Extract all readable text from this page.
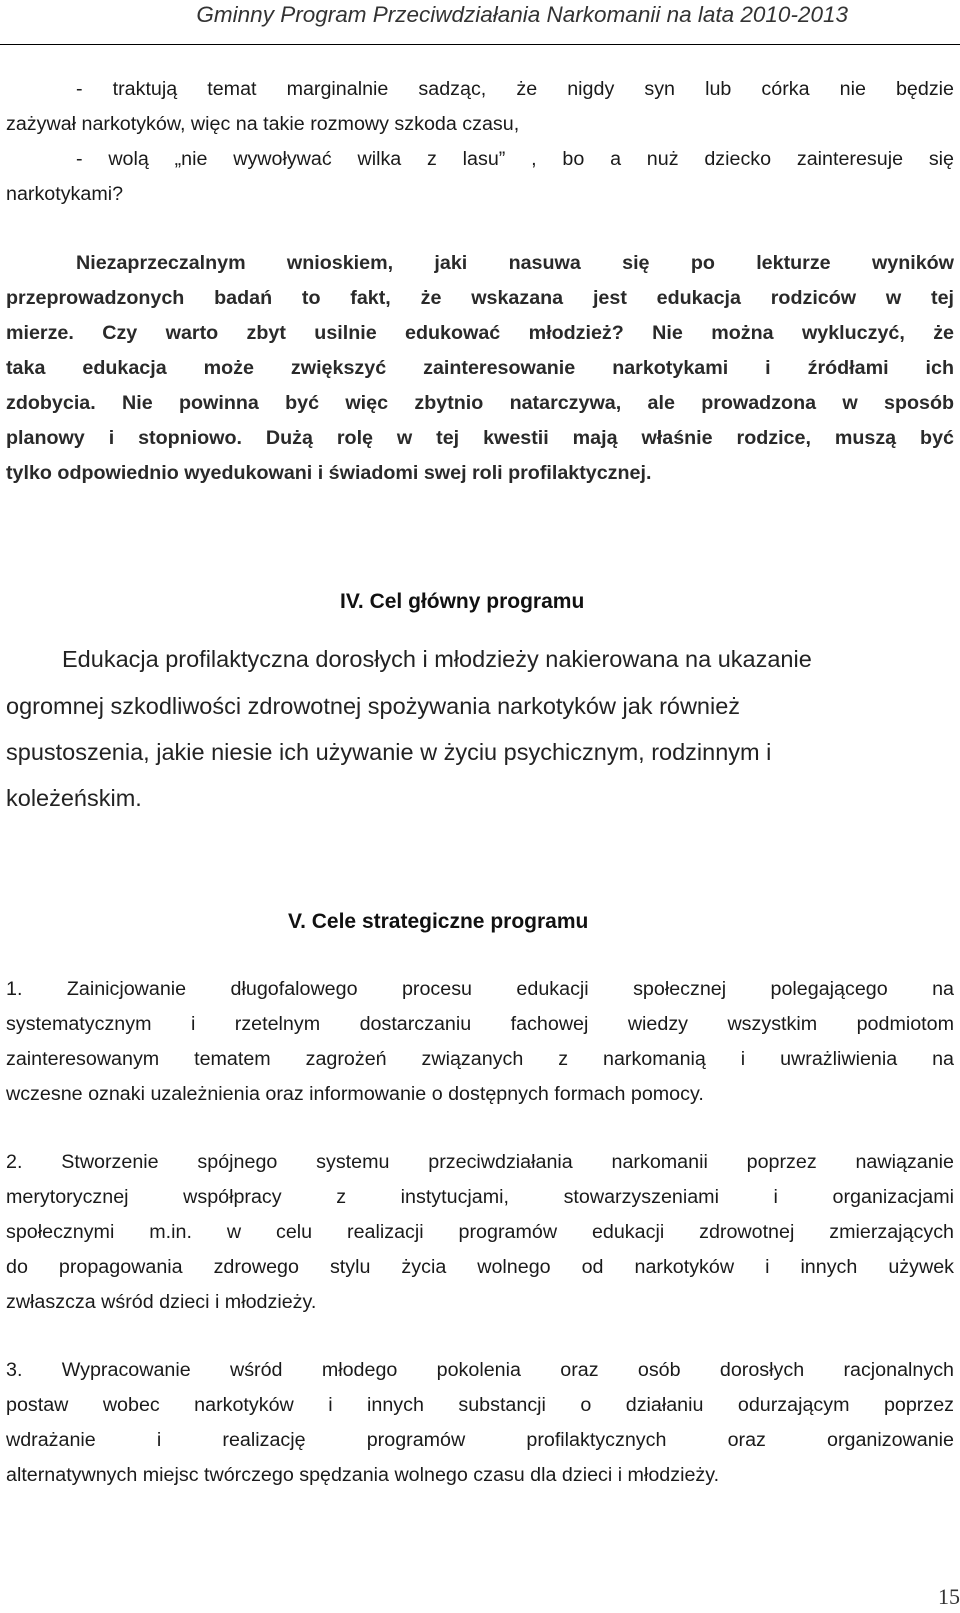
Gminny Program Przeciwdziałania Narkomanii na lata 2010-2013
- traktują temat marginalnie sadząc, że nigdy syn lub córka nie będzie
zażywał narkotyków, więc na takie rozmowy szkoda czasu,
- wolą „nie wywoływać wilka z lasu” , bo a nuż dziecko zainteresuje się
narkotykami?
Niezaprzeczalnym wnioskiem, jaki nasuwa się po lekturze wyników
przeprowadzonych badań to fakt, że wskazana jest edukacja rodziców w tej
mierze. Czy warto zbyt usilnie edukować młodzież? Nie można wykluczyć, że
taka edukacja może zwiększyć zainteresowanie narkotykami i źródłami ich
zdobycia. Nie powinna być więc zbytnio natarczywa, ale prowadzona w sposób
planowy i stopniowo. Dużą rolę w tej kwestii mają właśnie rodzice, muszą być
tylko odpowiednio wyedukowani i świadomi swej roli profilaktycznej.
IV. Cel główny programu
Edukacja profilaktyczna dorosłych i młodzieży nakierowana na ukazanie
ogromnej szkodliwości zdrowotnej spożywania narkotyków jak również
spustoszenia, jakie niesie ich używanie w życiu psychicznym, rodzinnym i
koleżeńskim.
V. Cele strategiczne programu
1. Zainicjowanie długofalowego procesu edukacji społecznej polegającego na
systematycznym i rzetelnym dostarczaniu fachowej wiedzy wszystkim podmiotom
zainteresowanym tematem zagrożeń związanych z narkomanią i uwrażliwienia na
wczesne oznaki uzależnienia oraz informowanie o dostępnych formach pomocy.
2. Stworzenie spójnego systemu przeciwdziałania narkomanii poprzez nawiązanie
merytorycznej współpracy z instytucjami, stowarzyszeniami i organizacjami
społecznymi m.in. w celu realizacji programów edukacji zdrowotnej zmierzających
do propagowania zdrowego stylu życia wolnego od narkotyków i innych używek
zwłaszcza wśród dzieci i młodzieży.
3. Wypracowanie wśród młodego pokolenia oraz osób dorosłych racjonalnych
postaw wobec narkotyków i innych substancji o działaniu odurzającym poprzez
wdrażanie i realizację programów profilaktycznych oraz organizowanie
alternatywnych miejsc twórczego spędzania wolnego czasu dla dzieci i młodzieży.
15
